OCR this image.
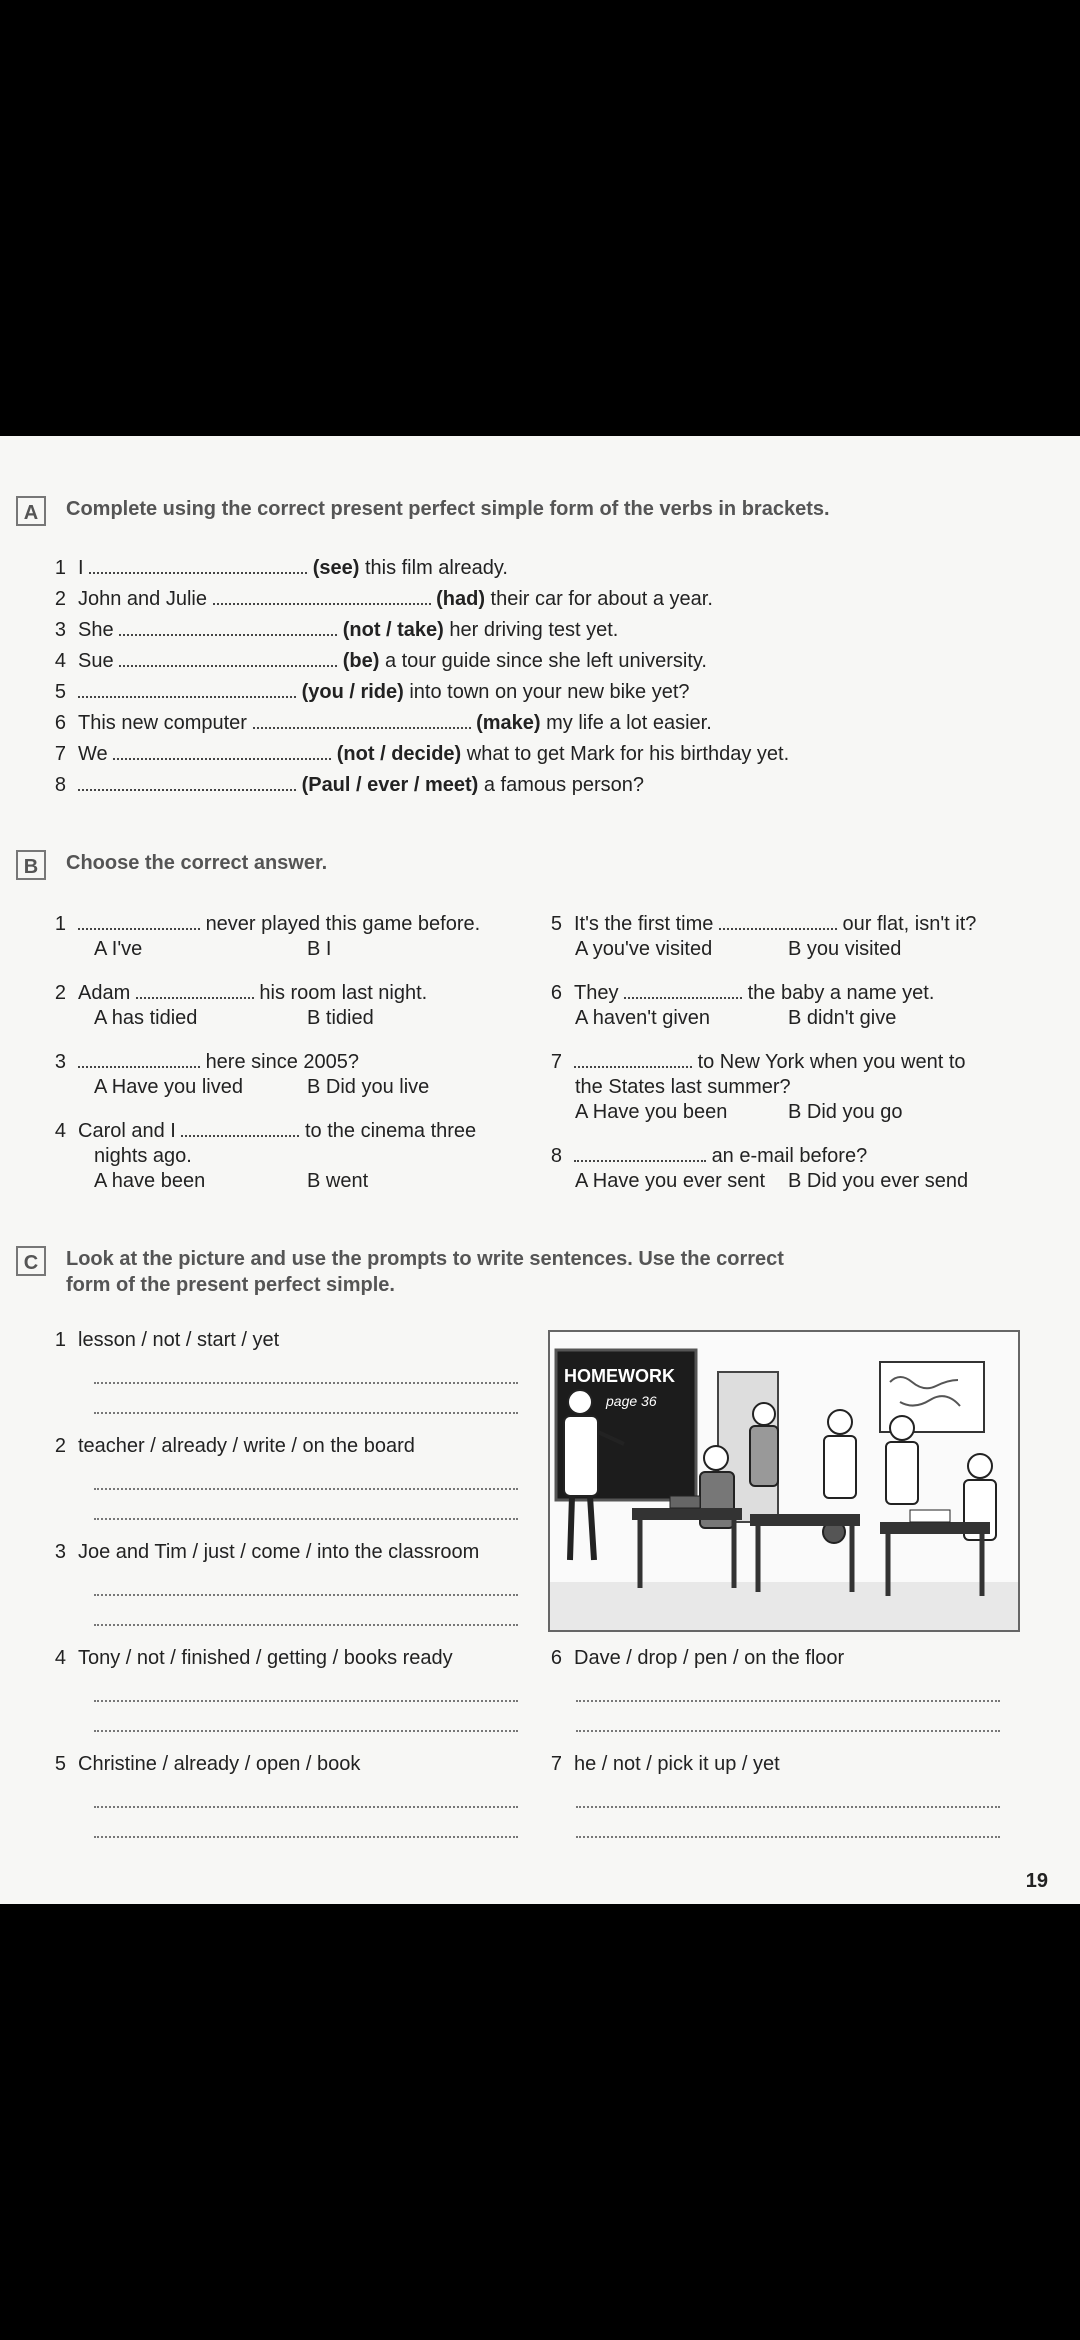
A	Complete using the correct present perfect simple form of the verbs in brackets.
1 I	(see) this film already.
2 John and Julie	(had) their car for about a year.
3 She	(not / take) her driving test yet.
4 Sue	(be) a tour guide since she left university.
5	(you / ride) into town on your new bike yet?
6 This new computer	(make) my life a lot easier.
7 We	(not / decide) what to get Mark for his birthday yet.
8	(Paul / ever / meet) a famous person?
B	Choose the correct answer.
1	never played this game before.
A I've	B I
2 Adam	his room last night.
A has tidied	B tidied
3	here since 2005?
A Have you lived	B Did you live
4 Carol and I	to the cinema three
nights ago.
A have been	B went
5 It's the first time	our flat, isn't it?
A you've visited	B you visited
6 They	the baby a name yet.
A haven't given	B didn't give
7	to New York when you went to
the States last summer?
A Have you been	B Did you go
8	an e-mail before?
A Have you ever sent B Did you ever send
C	Look at the picture and use the prompts to write sentences. Use the correct
form of the present perfect simple.
1 lesson / not / start / yet
2 teacher / already / write / on the board
3 Joe and Tim / just / come / into the classroom
4 Tony / not / finished / getting / books ready
5 Christine / already / open / book
6 Dave / drop / pen / on the floor
7 he / not / pick it up / yet
HOMEWORK
page 36
19
